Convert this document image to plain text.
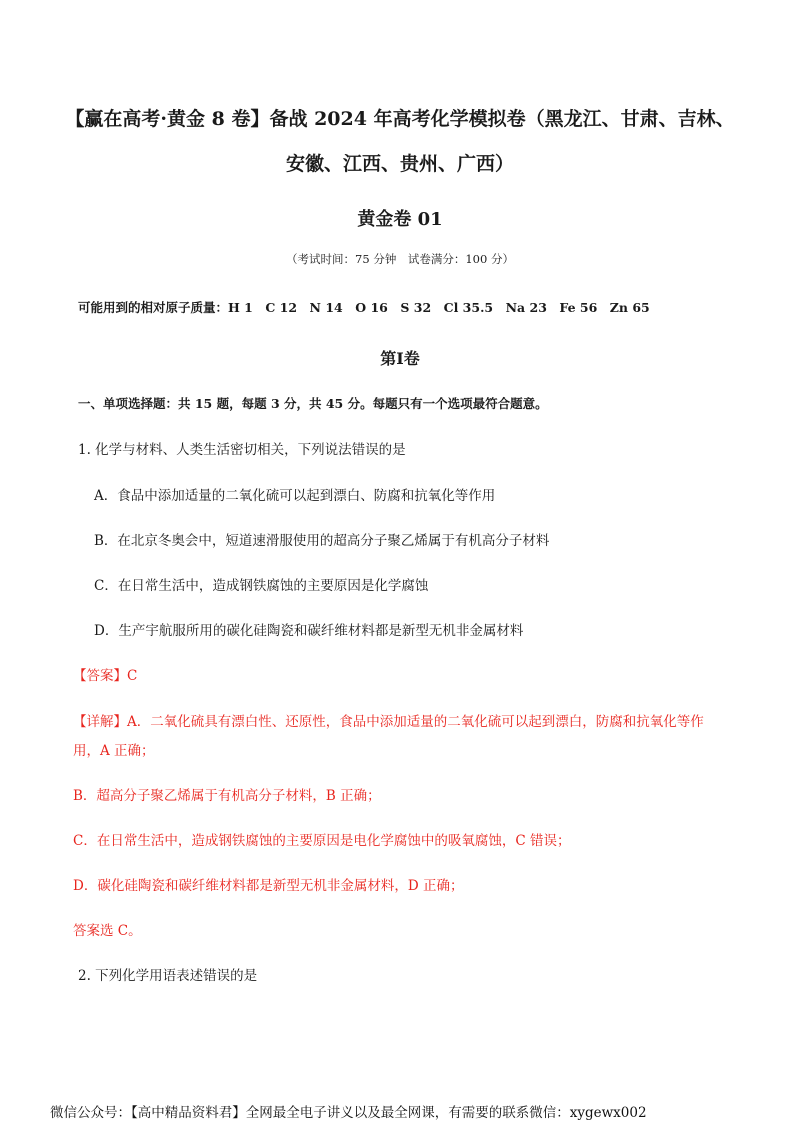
【赢在高考·黄金 8 卷】备战 2024 年高考化学模拟卷（黑龙江、甘肃、吉林、
安徽、江西、贵州、广西）
黄金卷 01
（考试时间：75 分钟　试卷满分：100 分）
可能用到的相对原子质量：H 1　C 12　N 14　O 16　S 32　Cl 35.5　Na 23　Fe 56　Zn 65
第I卷
一、单项选择题：共 15 题，每题 3 分，共 45 分。每题只有一个选项最符合题意。
1. 化学与材料、人类生活密切相关，下列说法错误的是
A．食品中添加适量的二氧化硫可以起到漂白、防腐和抗氧化等作用
B．在北京冬奥会中，短道速滑服使用的超高分子聚乙烯属于有机高分子材料
C．在日常生活中，造成钢铁腐蚀的主要原因是化学腐蚀
D．生产宇航服所用的碳化硅陶瓷和碳纤维材料都是新型无机非金属材料
【答案】C
【详解】A．二氧化硫具有漂白性、还原性，食品中添加适量的二氧化硫可以起到漂白，防腐和抗氧化等作
用，A 正确；
B．超高分子聚乙烯属于有机高分子材料，B 正确；
C．在日常生活中，造成钢铁腐蚀的主要原因是电化学腐蚀中的吸氧腐蚀，C 错误；
D．碳化硅陶瓷和碳纤维材料都是新型无机非金属材料，D 正确；
答案选 C。
2. 下列化学用语表述错误的是
微信公众号：【高中精品资料君】全网最全电子讲义以及最全网课，有需要的联系微信：xygewx002
